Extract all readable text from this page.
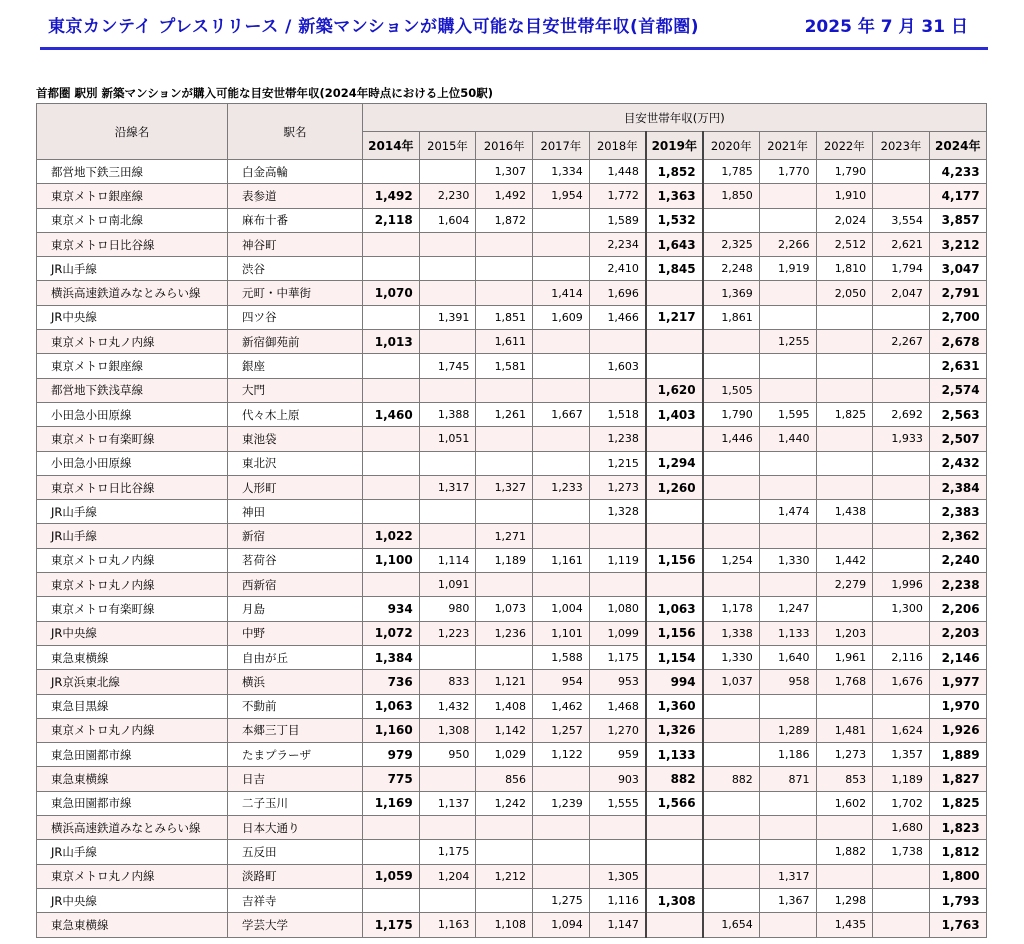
東京カンテイ プレスリリース / 新築マンションが購入可能な目安世帯年収(首都圏)	2025 年 7 月 31 日
首都圏 駅別 新築マンションが購入可能な目安世帯年収(2024年時点における上位50駅)
沿線名	駅名	目安世帯年収(万円)										
		2014年	2015年	2016年	2017年	2018年	2019年	2020年	2021年	2022年	2023年	2024年
都営地下鉄三田線	白金高輪			1,307	1,334	1,448	1,852	1,785	1,770	1,790		4,233
東京メトロ銀座線	表参道	1,492	2,230	1,492	1,954	1,772	1,363	1,850		1,910		4,177
東京メトロ南北線	麻布十番	2,118	1,604	1,872		1,589	1,532			2,024	3,554	3,857
東京メトロ日比谷線	神谷町					2,234	1,643	2,325	2,266	2,512	2,621	3,212
JR山手線	渋谷					2,410	1,845	2,248	1,919	1,810	1,794	3,047
横浜高速鉄道みなとみらい線	元町・中華街	1,070			1,414	1,696		1,369		2,050	2,047	2,791
JR中央線	四ツ谷		1,391	1,851	1,609	1,466	1,217	1,861				2,700
東京メトロ丸ノ内線	新宿御苑前	1,013		1,611					1,255		2,267	2,678
東京メトロ銀座線	銀座		1,745	1,581		1,603						2,631
都営地下鉄浅草線	大門						1,620	1,505				2,574
小田急小田原線	代々木上原	1,460	1,388	1,261	1,667	1,518	1,403	1,790	1,595	1,825	2,692	2,563
東京メトロ有楽町線	東池袋		1,051			1,238		1,446	1,440		1,933	2,507
小田急小田原線	東北沢					1,215	1,294					2,432
東京メトロ日比谷線	人形町		1,317	1,327	1,233	1,273	1,260					2,384
JR山手線	神田					1,328			1,474	1,438		2,383
JR山手線	新宿	1,022		1,271								2,362
東京メトロ丸ノ内線	茗荷谷	1,100	1,114	1,189	1,161	1,119	1,156	1,254	1,330	1,442		2,240
東京メトロ丸ノ内線	西新宿		1,091							2,279	1,996	2,238
東京メトロ有楽町線	月島	934	980	1,073	1,004	1,080	1,063	1,178	1,247		1,300	2,206
JR中央線	中野	1,072	1,223	1,236	1,101	1,099	1,156	1,338	1,133	1,203		2,203
東急東横線	自由が丘	1,384			1,588	1,175	1,154	1,330	1,640	1,961	2,116	2,146
JR京浜東北線	横浜	736	833	1,121	954	953	994	1,037	958	1,768	1,676	1,977
東急目黒線	不動前	1,063	1,432	1,408	1,462	1,468	1,360					1,970
東京メトロ丸ノ内線	本郷三丁目	1,160	1,308	1,142	1,257	1,270	1,326		1,289	1,481	1,624	1,926
東急田園都市線	たまプラーザ	979	950	1,029	1,122	959	1,133		1,186	1,273	1,357	1,889
東急東横線	日吉	775		856		903	882	882	871	853	1,189	1,827
東急田園都市線	二子玉川	1,169	1,137	1,242	1,239	1,555	1,566			1,602	1,702	1,825
横浜高速鉄道みなとみらい線	日本大通り										1,680	1,823
JR山手線	五反田		1,175							1,882	1,738	1,812
東京メトロ丸ノ内線	淡路町	1,059	1,204	1,212		1,305			1,317			1,800
JR中央線	吉祥寺				1,275	1,116	1,308		1,367	1,298		1,793
東急東横線	学芸大学	1,175	1,163	1,108	1,094	1,147		1,654		1,435		1,763
